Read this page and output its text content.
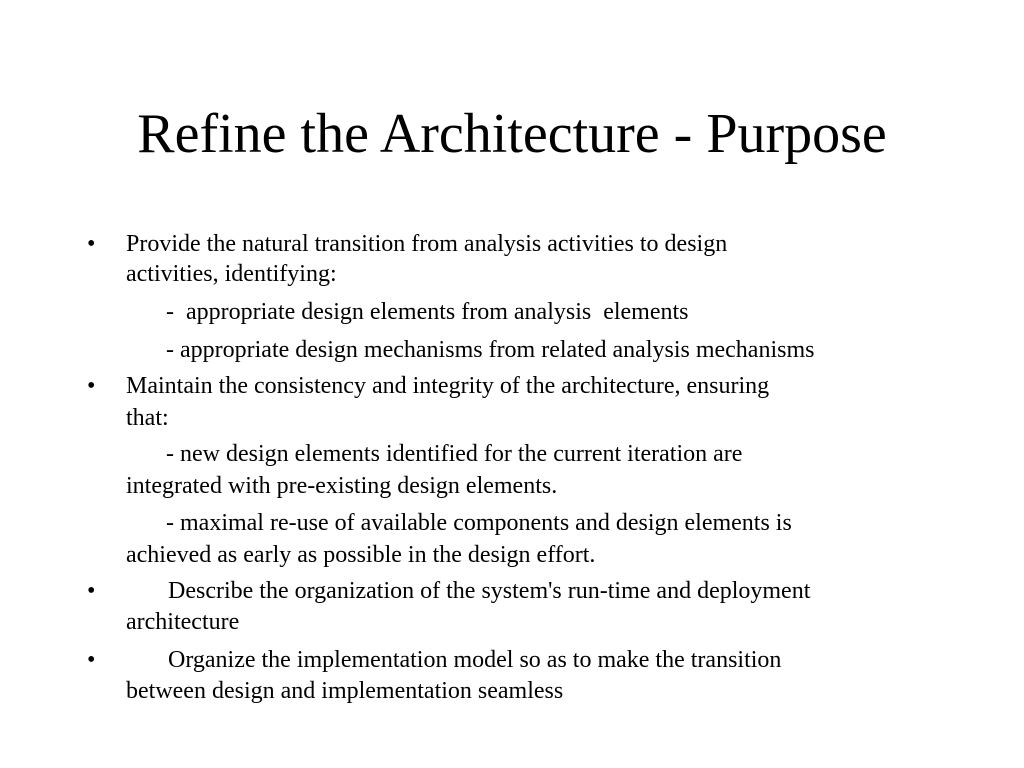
Refine the Architecture - Purpose
• Provide the natural transition from analysis activities to design
activities, identifying:
-  appropriate design elements from analysis  elements
- appropriate design mechanisms from related analysis mechanisms
• Maintain the consistency and integrity of the architecture, ensuring
that:
- new design elements identified for the current iteration are
integrated with pre-existing design elements.
- maximal re-use of available components and design elements is
achieved as early as possible in the design effort.
•	Describe the organization of the system's run-time and deployment
architecture
•	Organize the implementation model so as to make the transition
between design and implementation seamless
